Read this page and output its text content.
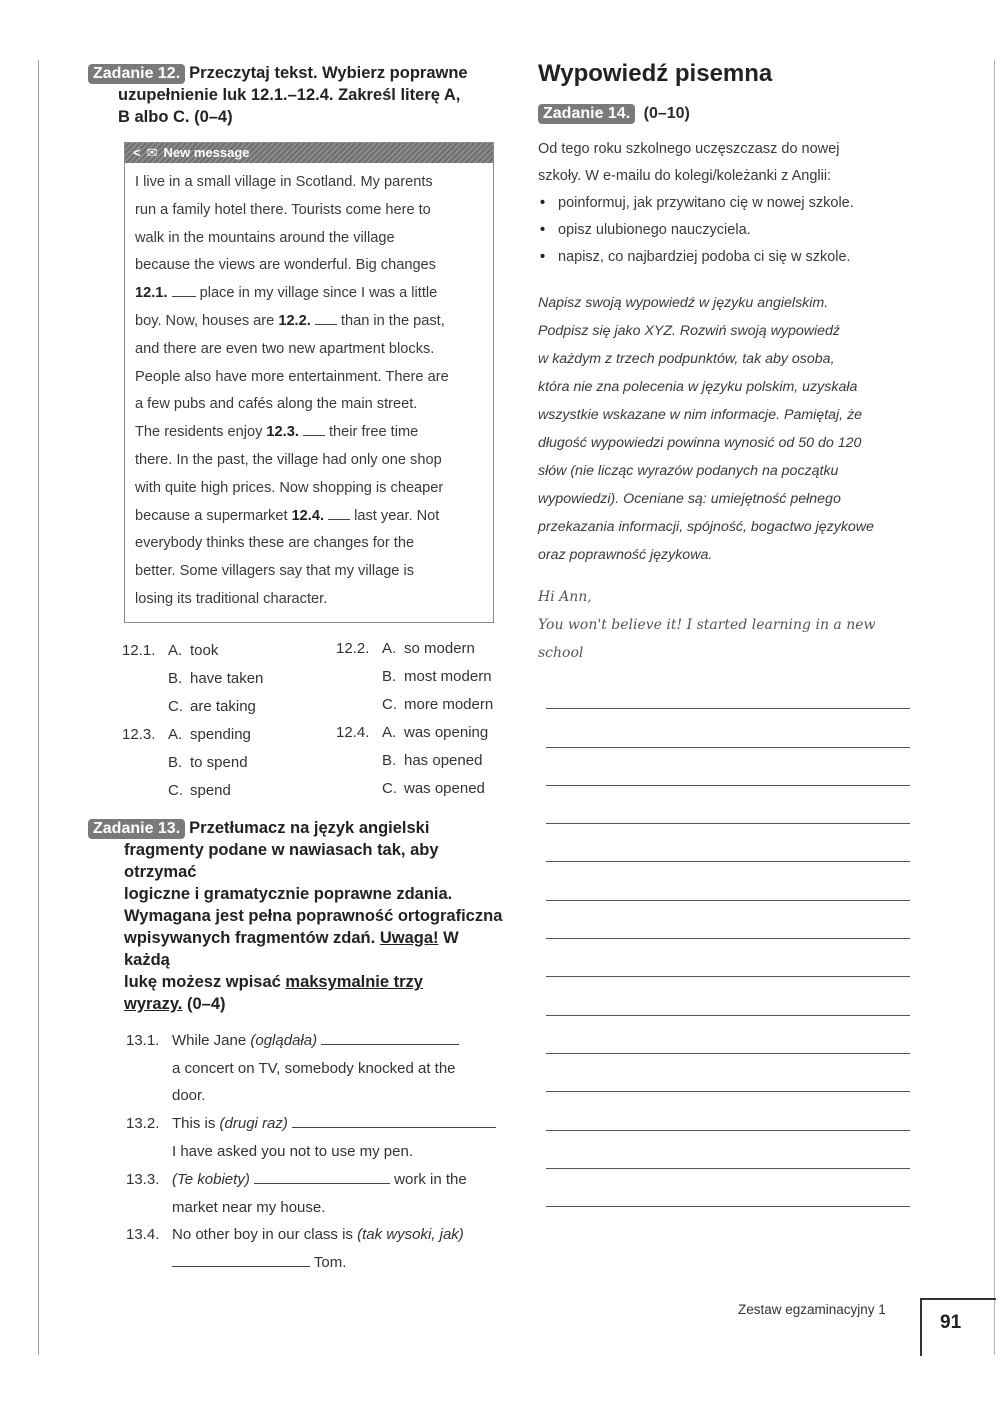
Zadanie 12. Przeczytaj tekst. Wybierz poprawne
uzupełnienie luk 12.1.–12.4. Zakreśl literę A,
B albo C. (0–4)
< ✉ New message
I live in a small village in Scotland. My parents
run a family hotel there. Tourists come here to
walk in the mountains around the village
because the views are wonderful. Big changes
12.1.  place in my village since I was a little
boy. Now, houses are 12.2.  than in the past,
and there are even two new apartment blocks.
People also have more entertainment. There are
a few pubs and cafés along the main street.
The residents enjoy 12.3.  their free time
there. In the past, the village had only one shop
with quite high prices. Now shopping is cheaper
because a supermarket 12.4.  last year. Not
everybody thinks these are changes for the
better. Some villagers say that my village is
losing its traditional character.
12.1. A. took
B. have taken
C. are taking
12.2. A. so modern
B. most modern
C. more modern
12.3. A. spending
B. to spend
C. spend
12.4. A. was opening
B. has opened
C. was opened
Zadanie 13. Przetłumacz na język angielski
fragmenty podane w nawiasach tak, aby otrzymać
logiczne i gramatycznie poprawne zdania.
Wymagana jest pełna poprawność ortograficzna
wpisywanych fragmentów zdań. Uwaga! W każdą
lukę możesz wpisać maksymalnie trzy
wyrazy. (0–4)
13.1. While Jane (oglądała)
a concert on TV, somebody knocked at the
door.
13.2. This is (drugi raz)
I have asked you not to use my pen.
13.3. (Te kobiety)	work in the
market near my house.
13.4. No other boy in our class is (tak wysoki, jak)
Tom.
Wypowiedź pisemna
Zadanie 14. (0–10)
Od tego roku szkolnego uczęszczasz do nowej
szkoły. W e-mailu do kolegi/koleżanki z Anglii:
• poinformuj, jak przywitano cię w nowej szkole.
• opisz ulubionego nauczyciela.
• napisz, co najbardziej podoba ci się w szkole.
Napisz swoją wypowiedź w języku angielskim.
Podpisz się jako XYZ. Rozwiń swoją wypowiedź
w każdym z trzech podpunktów, tak aby osoba,
która nie zna polecenia w języku polskim, uzyskała
wszystkie wskazane w nim informacje. Pamiętaj, że
długość wypowiedzi powinna wynosić od 50 do 120
słów (nie licząc wyrazów podanych na początku
wypowiedzi). Oceniane są: umiejętność pełnego
przekazania informacji, spójność, bogactwo językowe
oraz poprawność językowa.
Hi Ann,
You won't believe it! I started learning in a new school
Zestaw egzaminacyjny 1
91
